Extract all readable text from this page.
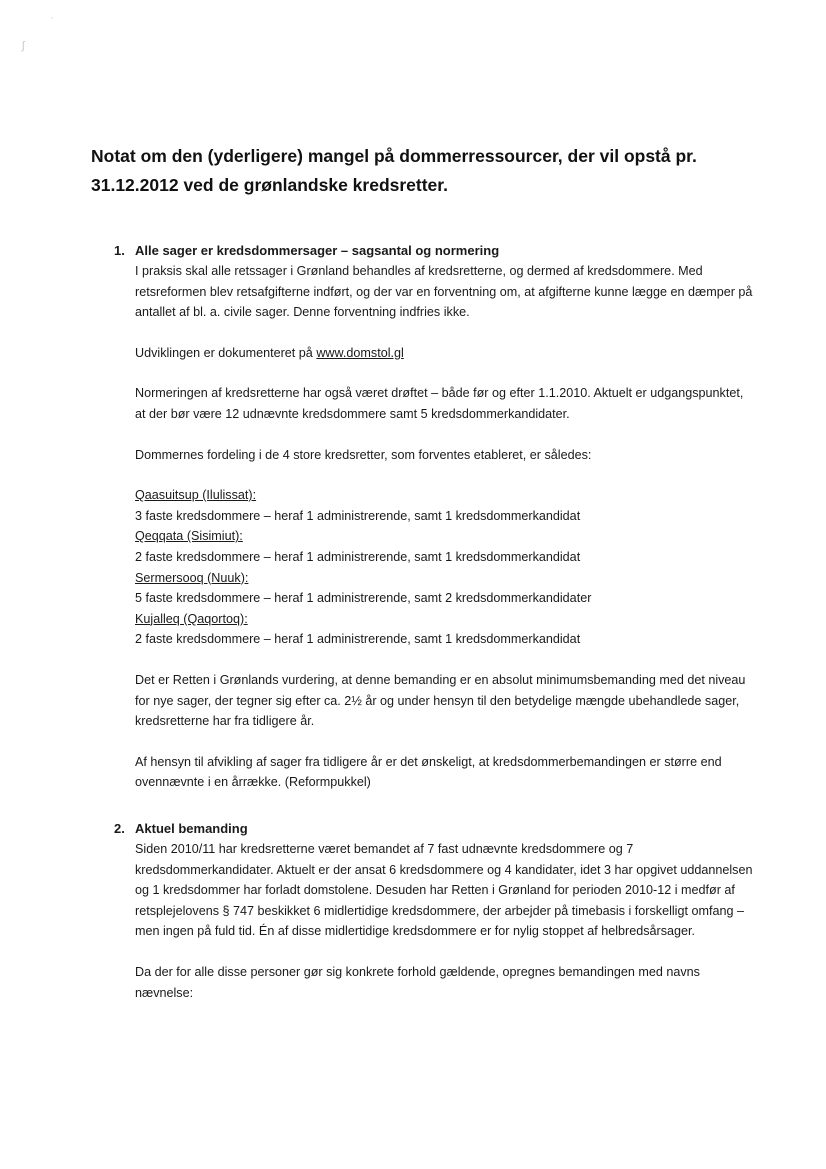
·
ʃ
Notat om den (yderligere) mangel på dommerressourcer, der vil opstå pr.
31.12.2012 ved de grønlandske kredsretter.
1. Alle sager er kredsdommersager – sagsantal og normering

I praksis skal alle retssager i Grønland behandles af kredsretterne, og dermed af kredsdommere. Med retsreformen blev retsafgifterne indført, og der var en forventning om, at afgifterne kunne lægge en dæmper på antallet af bl. a. civile sager. Denne forventning indfries ikke.

Udviklingen er dokumenteret på www.domstol.gl

Normeringen af kredsretterne har også været drøftet – både før og efter 1.1.2010. Aktuelt er udgangspunktet, at der bør være 12 udnævnte kredsdommere samt 5 kredsdommerkandidater.

Dommernes fordeling i de 4 store kredsretter, som forventes etableret, er således:

Qaasuitsup (Ilulissat):
3 faste kredsdommere – heraf 1 administrerende, samt 1 kredsdommerkandidat
Qeqqata (Sisimiut):
2 faste kredsdommere – heraf 1 administrerende, samt 1 kredsdommerkandidat
Sermersooq (Nuuk):
5 faste kredsdommere – heraf 1 administrerende, samt 2 kredsdommerkandidater
Kujalleq (Qaqortoq):
2 faste kredsdommere – heraf 1 administrerende, samt 1 kredsdommerkandidat

Det er Retten i Grønlands vurdering, at denne bemanding er en absolut minimumsbemanding med det niveau for nye sager, der tegner sig efter ca. 2½ år og under hensyn til den betydelige mængde ubehandlede sager, kredsretterne har fra tidligere år.

Af hensyn til afvikling af sager fra tidligere år er det ønskeligt, at kredsdommerbemandingen er større end ovennævnte i en årrække. (Reformpukkel)

2. Aktuel bemanding

Siden 2010/11 har kredsretterne været bemandet af 7 fast udnævnte kredsdommere og 7 kredsdommerkandidater. Aktuelt er der ansat 6 kredsdommere og 4 kandidater, idet 3 har opgivet uddannelsen og 1 kredsdommer har forladt domstolene. Desuden har Retten i Grønland for perioden 2010-12 i medfør af retsplejelovens § 747 beskikket 6 midlertidige kredsdommere, der arbejder på timebasis i forskelligt omfang – men ingen på fuld tid. Én af disse midlertidige kredsdommere er for nylig stoppet af helbredsårsager.

Da der for alle disse personer gør sig konkrete forhold gældende, opregnes bemandingen med navns nævnelse:
